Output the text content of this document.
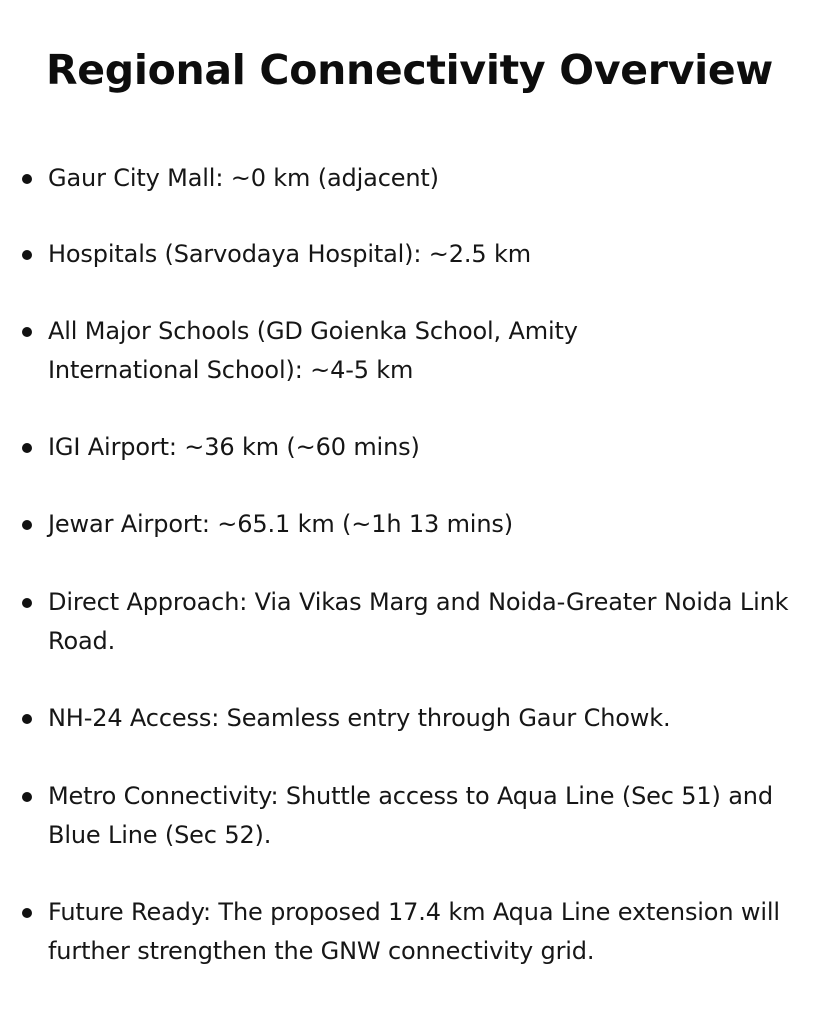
Regional Connectivity Overview
Gaur City Mall: ~0 km (adjacent)
Hospitals (Sarvodaya Hospital): ~2.5 km
All Major Schools (GD Goienka School, Amity International School): ~4-5 km
IGI Airport: ~36 km (~60 mins)
Jewar Airport: ~65.1 km (~1h 13 mins)
Direct Approach: Via Vikas Marg and Noida-Greater Noida Link Road.
NH-24 Access: Seamless entry through Gaur Chowk.
Metro Connectivity: Shuttle access to Aqua Line (Sec 51) and Blue Line (Sec 52).
Future Ready: The proposed 17.4 km Aqua Line extension will further strengthen the GNW connectivity grid.
